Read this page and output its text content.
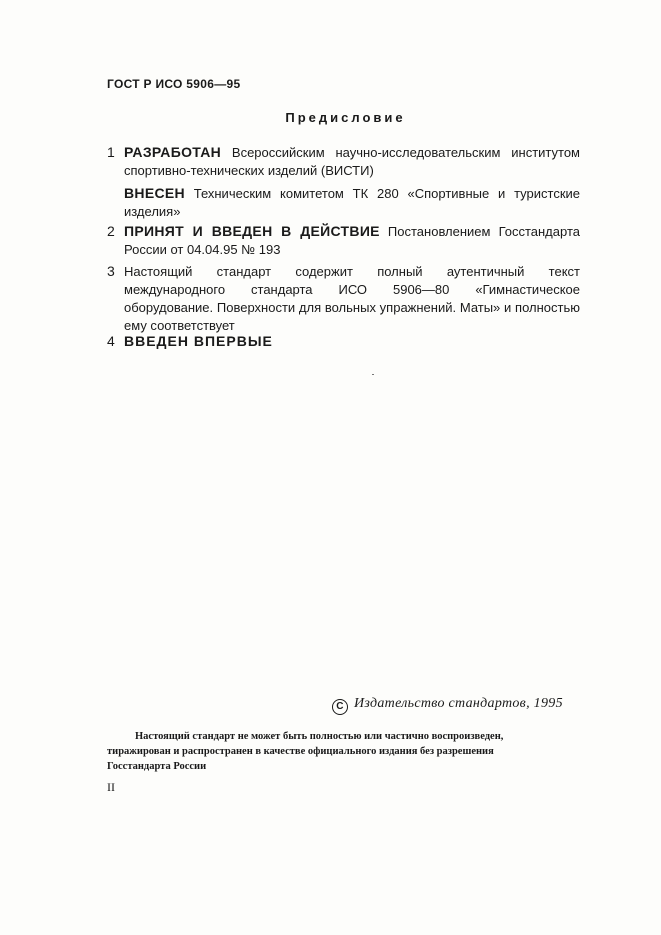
ГОСТ Р ИСО 5906—95
Предисловие
1 РАЗРАБОТАН Всероссийским научно-исследовательским институтом спортивно-технических изделий (ВИСТИ)
ВНЕСЕН Техническим комитетом ТК 280 «Спортивные и туристские изделия»
2 ПРИНЯТ И ВВЕДЕН В ДЕЙСТВИЕ Постановлением Госстандарта России от 04.04.95 № 193
3 Настоящий стандарт содержит полный аутентичный текст международного стандарта ИСО 5906—80 «Гимнастическое оборудование. Поверхности для вольных упражнений. Маты» и полностью ему соответствует
4 ВВЕДЕН ВПЕРВЫЕ
C Издательство стандартов, 1995
Настоящий стандарт не может быть полностью или частично воспроизведен,
тиражирован и распространен в качестве официального издания без разрешения
Госстандарта России
II
